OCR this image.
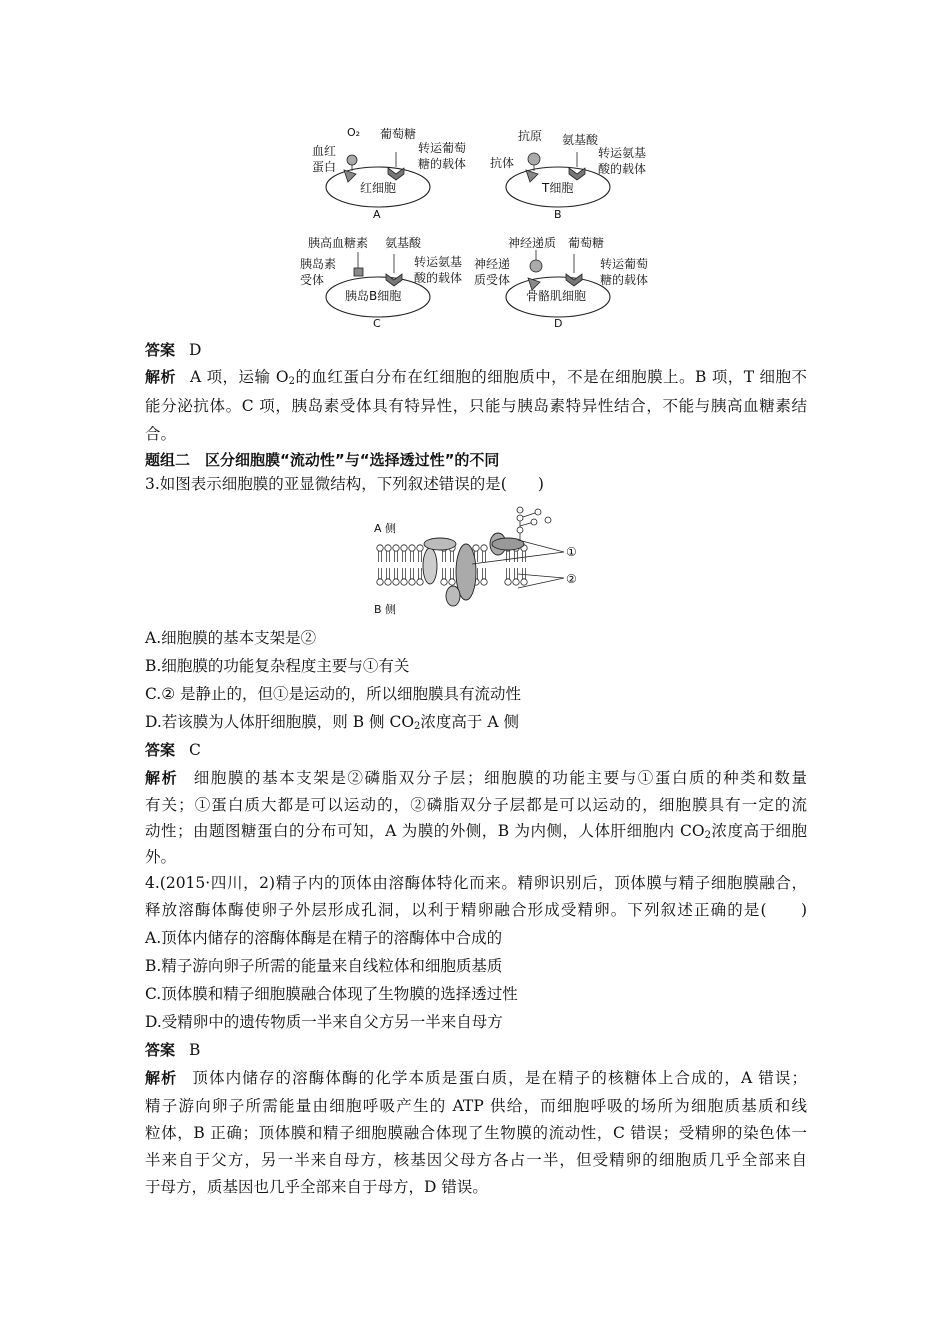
O₂ 葡萄糖
血红
蛋白
转运葡萄
糖的载体
红细胞
A
抗原 氨基酸
抗体
转运氨基
酸的载体
T细胞
B
胰高血糖素 氨基酸
胰岛素
受体
转运氨基
酸的载体
胰岛B细胞
C
神经递质 葡萄糖
神经递
质受体
转运葡萄
糖的载体
骨骼肌细胞
D
答案 D
解析 A 项，运输 $O_2$的血红蛋白分布在红细胞的细胞质中，不是在细胞膜上。B 项，T 细胞不
能分泌抗体。C 项，胰岛素受体具有特异性，只能与胰岛素特异性结合，不能与胰高血糖素结
合。
题组二　区分细胞膜“流动性”与“选择透过性”的不同
3.如图表示细胞膜的亚显微结构，下列叙述错误的是(　　)
A 侧
B 侧
①
②
A.细胞膜的基本支架是②
B.细胞膜的功能复杂程度主要与①有关
C.② 是静止的，但①是运动的，所以细胞膜具有流动性
D.若该膜为人体肝细胞膜，则 B 侧 $CO_2$浓度高于 A 侧
答案 C
解析 细胞膜的基本支架是②磷脂双分子层；细胞膜的功能主要与①蛋白质的种类和数量
有关；①蛋白质大都是可以运动的，②磷脂双分子层都是可以运动的，细胞膜具有一定的流
动性；由题图糖蛋白的分布可知，A 为膜的外侧，B 为内侧，人体肝细胞内 $CO_2$浓度高于细胞
外。
4.(2015·四川，2)精子内的顶体由溶酶体特化而来。精卵识别后，顶体膜与精子细胞膜融合，
释放溶酶体酶使卵子外层形成孔洞，以利于精卵融合形成受精卵。下列叙述正确的是(　　)
A.顶体内储存的溶酶体酶是在精子的溶酶体中合成的
B.精子游向卵子所需的能量来自线粒体和细胞质基质
C.顶体膜和精子细胞膜融合体现了生物膜的选择透过性
D.受精卵中的遗传物质一半来自父方另一半来自母方
答案 B
解析 顶体内储存的溶酶体酶的化学本质是蛋白质，是在精子的核糖体上合成的，A 错误；
精子游向卵子所需能量由细胞呼吸产生的 ATP 供给，而细胞呼吸的场所为细胞质基质和线
粒体，B 正确；顶体膜和精子细胞膜融合体现了生物膜的流动性，C 错误；受精卵的染色体一
半来自于父方，另一半来自母方，核基因父母方各占一半，但受精卵的细胞质几乎全部来自
于母方，质基因也几乎全部来自于母方，D 错误。
